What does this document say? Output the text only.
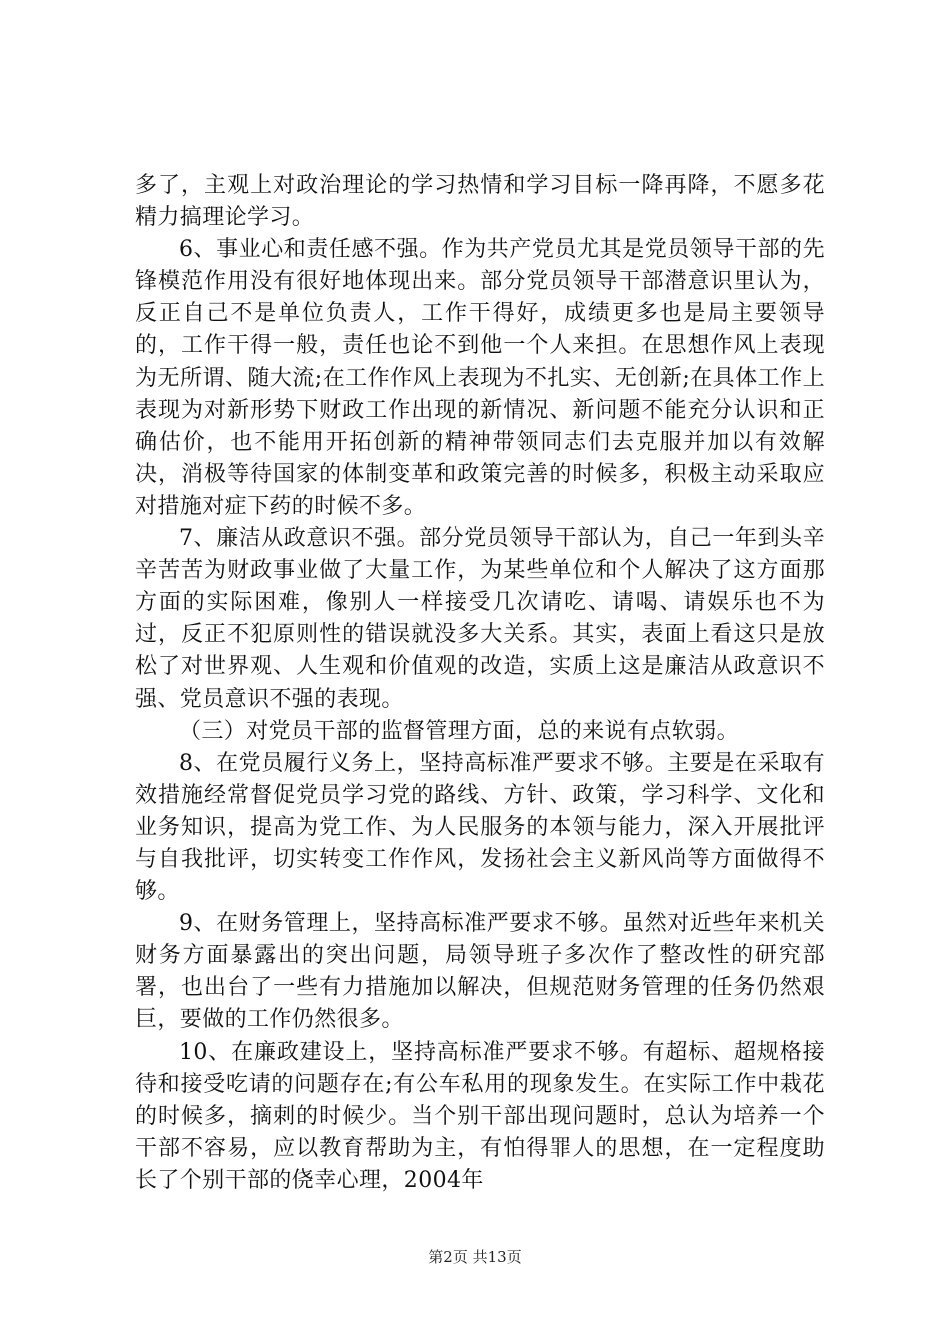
多了，主观上对政治理论的学习热情和学习目标一降再降，不愿多花精力搞理论学习。

6、事业心和责任感不强。作为共产党员尤其是党员领导干部的先锋模范作用没有很好地体现出来。部分党员领导干部潜意识里认为，反正自己不是单位负责人，工作干得好，成绩更多也是局主要领导的，工作干得一般，责任也论不到他一个人来担。在思想作风上表现为无所谓、随大流;在工作作风上表现为不扎实、无创新;在具体工作上表现为对新形势下财政工作出现的新情况、新问题不能充分认识和正确估价，也不能用开拓创新的精神带领同志们去克服并加以有效解决，消极等待国家的体制变革和政策完善的时候多，积极主动采取应对措施对症下药的时候不多。

7、廉洁从政意识不强。部分党员领导干部认为，自己一年到头辛辛苦苦为财政事业做了大量工作，为某些单位和个人解决了这方面那方面的实际困难，像别人一样接受几次请吃、请喝、请娱乐也不为过，反正不犯原则性的错误就没多大关系。其实，表面上看这只是放松了对世界观、人生观和价值观的改造，实质上这是廉洁从政意识不强、党员意识不强的表现。

（三）对党员干部的监督管理方面，总的来说有点软弱。

8、在党员履行义务上，坚持高标准严要求不够。主要是在采取有效措施经常督促党员学习党的路线、方针、政策，学习科学、文化和业务知识，提高为党工作、为人民服务的本领与能力，深入开展批评与自我批评，切实转变工作作风，发扬社会主义新风尚等方面做得不够。

9、在财务管理上，坚持高标准严要求不够。虽然对近些年来机关财务方面暴露出的突出问题，局领导班子多次作了整改性的研究部署，也出台了一些有力措施加以解决，但规范财务管理的任务仍然艰巨，要做的工作仍然很多。

10、在廉政建设上，坚持高标准严要求不够。有超标、超规格接待和接受吃请的问题存在;有公车私用的现象发生。在实际工作中栽花的时候多，摘刺的时候少。当个别干部出现问题时，总认为培养一个干部不容易，应以教育帮助为主，有怕得罪人的思想，在一定程度助长了个别干部的侥幸心理，2004年

第2页 共13页
